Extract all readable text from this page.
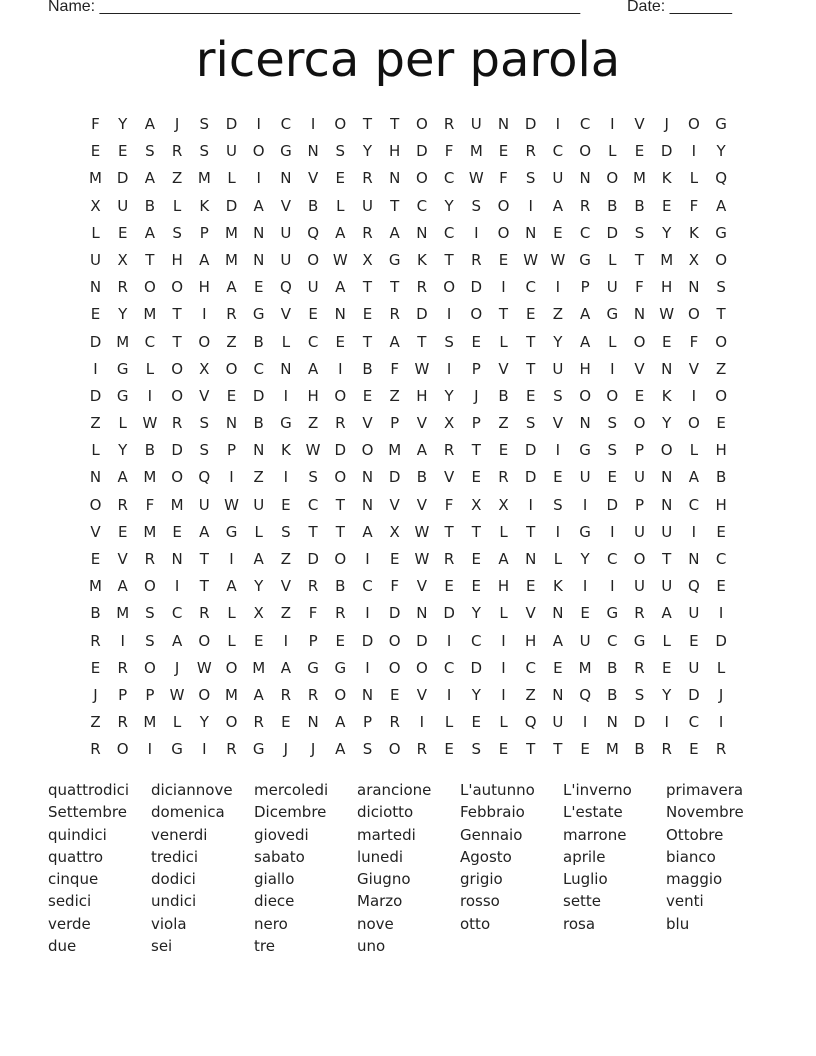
Name: ______________________________________________________

	Date: _______

ricerca per parola
F	Y	A	J	S	D	I	C	I	O	T	T	O	R	U	N	D	I	C	I	V	J	O	G
E	E	S	R	S	U	O	G	N	S	Y	H	D	F	M	E	R	C	O	L	E	D	I	Y
M D	A	Z	M	L	I	N	V	E	R	N	O	C W	F	S	U	N	O M	K	L	Q
X	U	B	L	K	D	A	V	B	L	U	T	C	Y	S	O	I	A	R	B	B	E	F	A
L	E	A	S	P	M	N	U	Q	A	R	A	N	C	I	O	N	E	C	D	S	Y	K	G
U	X	T	H	A	M	N	U	O W X	G	K	T	R	E	W W G	L	T	M	X	O
N	R	O	O	H	A	E	Q	U	A	T	T	R	O	D	I	C	I	P	U	F	H	N	S
E	Y	M	T	I	R	G	V	E	N	E	R	D	I	O	T	E	Z	A	G	N W O	T
D M	C	T	O	Z	B	L	C	E	T	A	T	S	E	L	T	Y	A	L	O	E	F	O
I	G	L	O	X	O	C	N	A	I	B	F	W	I	P	V	T	U	H	I	V	N	V	Z
D	G	I	O	V	E	D	I	H	O	E	Z	H	Y	J	B	E	S	O	O	E	K	I	O
Z	L	W R	S	N	B	G	Z	R	V	P	V	X	P	Z	S	V	N	S	O	Y	O	E
L	Y	B	D	S	P	N	K W D	O M	A	R	T	E	D	I	G	S	P	O	L	H
N	A	M O	Q	I	Z	I	S	O	N	D	B	V	E	R	D	E	U	E	U	N	A	B
O	R	F	M	U W U	E	C	T	N	V	V	F	X	X	I	S	I	D	P	N	C	H
V	E	M	E	A	G	L	S	T	T	A	X W	T	T	L	T	I	G	I	U	U	I	E
E	V	R	N	T	I	A	Z	D	O	I	E	W R	E	A	N	L	Y	C	O	T	N	C
M	A	O	I	T	A	Y	V	R	B	C	F	V	E	E	H	E	K	I	I	U	U	Q	E
B	M	S	C	R	L	X	Z	F	R	I	D	N	D	Y	L	V	N	E	G	R	A	U	I
R	I	S	A	O	L	E	I	P	E	D	O	D	I	C	I	H	A	U	C	G	L	E	D
E	R	O	J	W O M	A	G	G	I	O	O	C	D	I	C	E	M	B	R	E	U	L
J	P	P	W O M	A	R	R	O	N	E	V	I	Y	I	Z	N	Q	B	S	Y	D	J
Z	R	M	L	Y	O	R	E	N	A	P	R	I	L	E	L	Q	U	I	N	D	I	C	I
R	O	I	G	I	R	G	J	J	A	S	O	R	E	S	E	T	T	E	M	B	R	E	R
quattrodici diciannove mercoledi arancione L'autunno L'inverno primavera
Settembre domenica Dicembre diciotto	Febbraio	L'estate	Novembre
quindici	venerdi	giovedi	martedi	Gennaio	marrone	Ottobre
quattro	tredici	sabato	lunedi	Agosto	aprile	bianco
cinque	dodici	giallo	Giugno	grigio	Luglio	maggio
sedici	undici	diece	Marzo	rosso	sette	venti
verde	viola	nero	nove	otto	rosa	blu
due	sei	tre	uno
